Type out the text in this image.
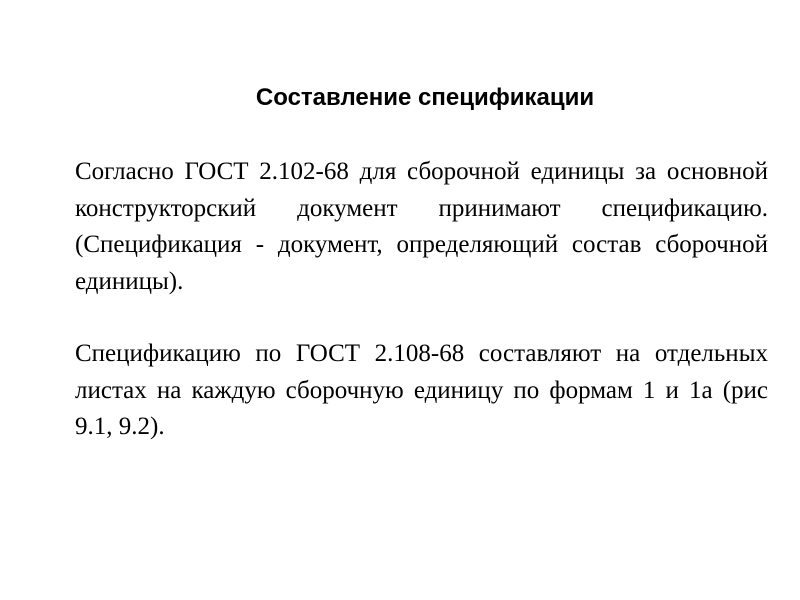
Составление спецификации

Согласно ГОСТ 2.102-68 для сборочной единицы за основной конструкторский документ принимают спецификацию. (Спецификация - документ, определяющий состав сборочной единицы).

Спецификацию по ГОСТ 2.108-68 составляют на отдельных листах на каждую сборочную единицу по формам 1 и 1а (рис 9.1, 9.2).
